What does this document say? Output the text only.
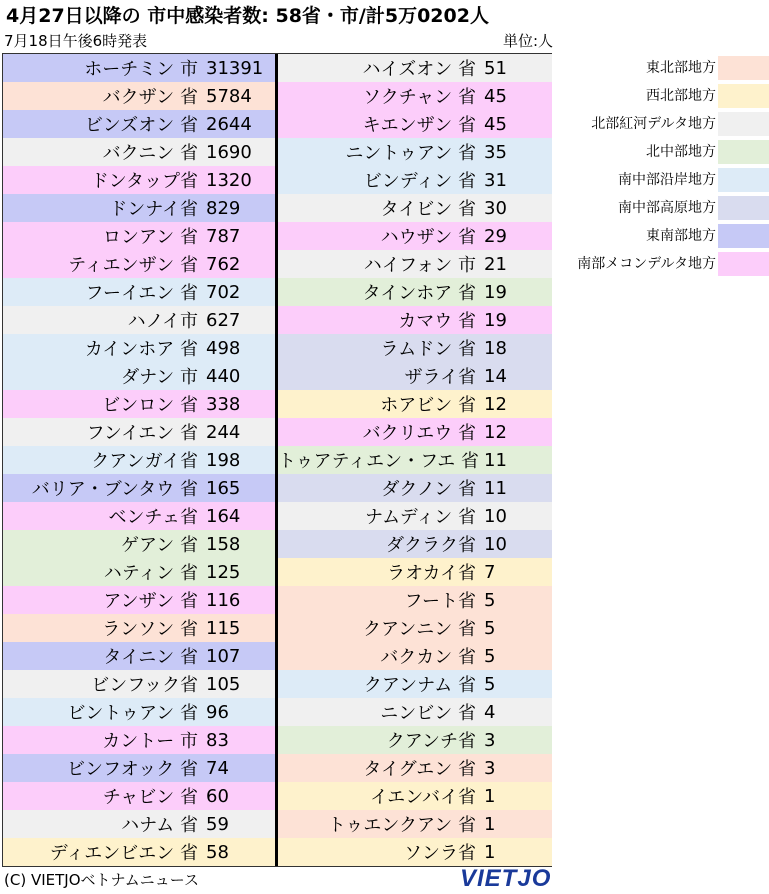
4月27日以降の 市中感染者数: 58省・市/計5万0202人
7月18日午後6時発表	単位:人
ホーチミン 市 31391
バクザン 省 5784
ビンズオン 省 2644
バクニン 省 1690
ドンタップ省 1320
ドンナイ省 829
ロンアン 省 787
ティエンザン 省 762
フーイエン 省 702
ハノイ市 627
カインホア 省 498
ダナン 市 440
ビンロン 省 338
フンイエン 省 244
クアンガイ省 198
バリア・ブンタウ 省 165
ベンチェ省 164
ゲアン 省 158
ハティン 省 125
アンザン 省 116
ランソン 省 115
タイニン 省 107
ビンフック省 105
ビントゥアン 省 96
カントー 市 83
ビンフオック 省 74
チャビン 省 60
ハナム 省 59
ディエンビエン 省 58
ハイズオン 省 51
ソクチャン 省 45
キエンザン 省 45
ニントゥアン 省 35
ビンディン 省 31
タイビン 省 30
ハウザン 省 29
ハイフォン 市 21
タインホア 省 19
カマウ 省 19
ラムドン 省 18
ザライ省 14
ホアビン 省 12
バクリエウ 省 12
トゥアティエン・フエ 省 11
ダクノン 省 11
ナムディン 省 10
ダクラク省 10
ラオカイ省 7
フート省 5
クアンニン 省 5
バクカン 省 5
クアンナム 省 5
ニンビン 省 4
クアンチ省 3
タイグエン 省 3
イエンバイ省 1
トゥエンクアン 省 1
ソンラ省 1
東北部地方
西北部地方
北部紅河デルタ地方
北中部地方
南中部沿岸地方
南中部高原地方
東南部地方
南部メコンデルタ地方
(C) VIETJOベトナムニュース	VIETJO
